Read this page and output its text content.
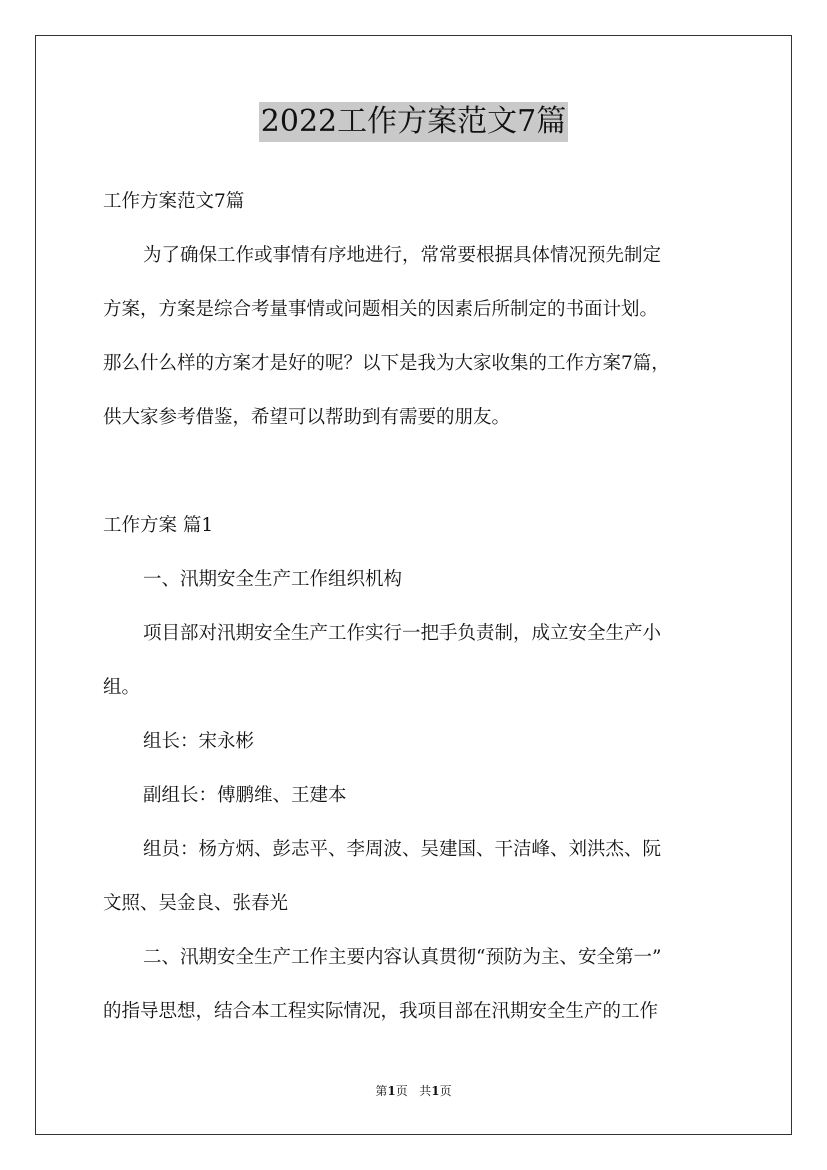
2022工作方案范文7篇
工作方案范文7篇
为了确保工作或事情有序地进行，常常要根据具体情况预先制定
方案，方案是综合考量事情或问题相关的因素后所制定的书面计划。
那么什么样的方案才是好的呢？以下是我为大家收集的工作方案7篇，
供大家参考借鉴，希望可以帮助到有需要的朋友。
工作方案 篇1
一、汛期安全生产工作组织机构
项目部对汛期安全生产工作实行一把手负责制，成立安全生产小
组。
组长：宋永彬
副组长：傅鹏维、王建本
组员：杨方炳、彭志平、李周波、吴建国、干洁峰、刘洪杰、阮
文照、吴金良、张春光
二、汛期安全生产工作主要内容认真贯彻“预防为主、安全第一”
的指导思想，结合本工程实际情况，我项目部在汛期安全生产的工作
第1页 共1页
